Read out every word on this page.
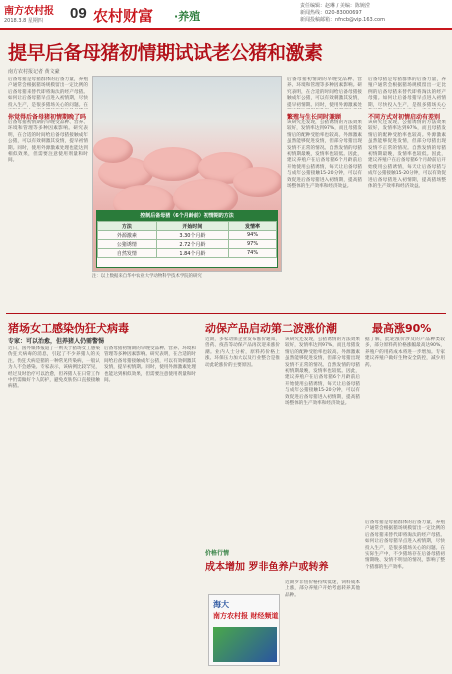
南方农村报
2018.3.8 星期四 09 农村财富 ·养殖
责任编辑：赵琳 / 美编：陈婉滢
新闻热线：020-83000697
新闻投稿邮箱：nfncb@vip.163.com
提早后备母猪初情期试试老公猪和激素
南方农村报记者 黄文豪
后备母猪是母猪群体的后备力量，养殖户通常会根据猪场规模留出一定比例的后备母猪来替代即将淘汰的经产母猪。如何让后备母猪早点进入初情期，尽快投入生产，是很多猪场关心的问题。在
你觉得后备母猪初情期晚了吗
后备母猪初情期的早晚受品种、营养、环境和管理等多种因素影响。研究表明，在合适的时间给后备母猪接触成年公猪，可以有效刺激其发情，提早初情期。同时，使用外源激素处理也能达到相似效果，但需要注意使用剂量和时间。
控制后备母猪（6个月龄前）初情期的方法
方法	开始时间	发情率
外源激素	3.30个月龄	94%
公猪诱情	2.72个月龄	97%
自然发情	1.84个月龄	74%
注：以上数据来自华中农业大学动物科学技术学院的研究
繁殖与生长同时兼顾
后备母猪初情期的早晚受品种、营养、环境和管理等多种因素影响。研究表明，在合适的时间给后备母猪接触成年公猪，可以有效刺激其发情，提早初情期。同时，使用外源激素处
该研究还发现，公猪诱情的方法效果较好，发情率达到97%，而且母猪发情后的配种受胎率也较高。外源激素虽然能够促进发情，但部分母猪出现发情不正常的情况。自然发情的母猪初情期最晚，发情率也较低。因此，建议养殖户在后备母猪6个月龄前后开始使用公猪诱情，每天让后备母猪与成年公猪接触15-20分钟，可以有效促进后备母猪进入初情期，提高猪场整体的生产效率和经济效益。
不同方式对初情启动有差别
后备母猪是母猪群体的后备力量，养殖户通常会根据猪场规模留出一定比例的后备母猪来替代即将淘汰的经产母猪。如何让后备母猪早点进入初情期，尽快投入生产，是很多猪场关心
该研究还发现，公猪诱情的方法效果较好，发情率达到97%，而且母猪发情后的配种受胎率也较高。外源激素虽然能够促进发情，但部分母猪出现发情不正常的情况。自然发情的母猪初情期最晚，发情率也较低。因此，建议养殖户在后备母猪6个月龄前后开始使用公猪诱情，每天让后备母猪与成年公猪接触15-20分钟，可以有效促进后备母猪进入初情期，提高猪场整体的生产效率和经济效益。
猪场女工感染伪狂犬病毒
专家：可以治愈，但养猪人仍需警惕
近日，国外媒体报道了一则关于猪场女工感染伪狂犬病毒的消息，引起了不少养猪人的关注。伪狂犬病是猪的一种常见传染病，一般认为人不会感染。专家表示，该病例比较罕见，经过及时治疗可以治愈，但养猪人在日常工作中仍需做好个人防护，避免皮肤伤口直接接触病猪。
后备母猪初情期的早晚受品种、营养、环境和管理等多种因素影响。研究表明，在合适的时间给后备母猪接触成年公猪，可以有效刺激其发情，提早初情期。同时，使用外源激素处理也能达到相似效果，但需要注意使用剂量和时间。
动保产品启动第二波涨价潮	最高涨90%
近期，多家动保企业发布涨价通知，兽药、疫苗等动保产品再次迎来涨价潮。业内人士分析，原料药价格上涨、环保压力加大以及行业整合是推动此轮涨价的主要原因。
该研究还发现，公猪诱情的方法效果较好，发情率达到97%，而且母猪发情后的配种受胎率也较高。外源激素虽然能够促进发情，但部分母猪出现发情不正常的情况。自然发情的母猪初情期最晚，发情率也较低。因此，建议养殖户在后备母猪6个月龄前后开始使用公猪诱情，每天让后备母猪与成年公猪接触15-20分钟，可以有效促进后备母猪进入初情期，提高猪场整体的生产效率和经济效益。
据了解，此轮涨价涉及的产品种类较多，部分原料药价格涨幅最高达90%，养殖户的用药成本将进一步增加。专家建议养殖户做好生物安全防控，减少用药。
价格行情
成本增加 罗非鱼养户或转养
近期罗非鱼价格持续低迷，饲料成本上涨，部分养殖户开始考虑转养其他品种。
后备母猪是母猪群体的后备力量，养殖户通常会根据猪场规模留出一定比例的后备母猪来替代即将淘汰的经产母猪。如何让后备母猪早点进入初情期，尽快投入生产，是很多猪场关心的问题。在实际生产中，不少猪场存在后备母猪初情期晚、发情不明显的情况，影响了整个猪群的生产效率。
海大
南方农村报 财经频道
